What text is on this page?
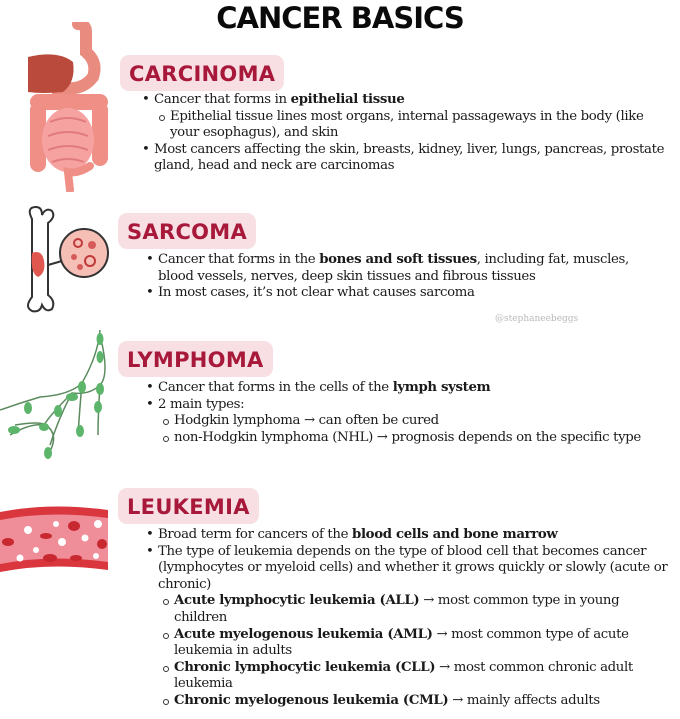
CANCER BASICS
CARCINOMA
• Cancer that forms in epithelial tissue
Epithelial tissue lines most organs, internal passageways in the body (like your esophagus), and skin
• Most cancers affecting the skin, breasts, kidney, liver, lungs, pancreas, prostate gland, head and neck are carcinomas
SARCOMA
• Cancer that forms in the bones and soft tissues, including fat, muscles, blood vessels, nerves, deep skin tissues and fibrous tissues
• In most cases, it’s not clear what causes sarcoma
@stephaneebeggs
LYMPHOMA
• Cancer that forms in the cells of the lymph system
• 2 main types:
Hodgkin lymphoma → can often be cured
non-Hodgkin lymphoma (NHL) → prognosis depends on the specific type
LEUKEMIA
• Broad term for cancers of the blood cells and bone marrow
• The type of leukemia depends on the type of blood cell that becomes cancer (lymphocytes or myeloid cells) and whether it grows quickly or slowly (acute or chronic)
Acute lymphocytic leukemia (ALL) → most common type in young children
Acute myelogenous leukemia (AML) → most common type of acute leukemia in adults
Chronic lymphocytic leukemia (CLL) → most common chronic adult leukemia
Chronic myelogenous leukemia (CML) → mainly affects adults
